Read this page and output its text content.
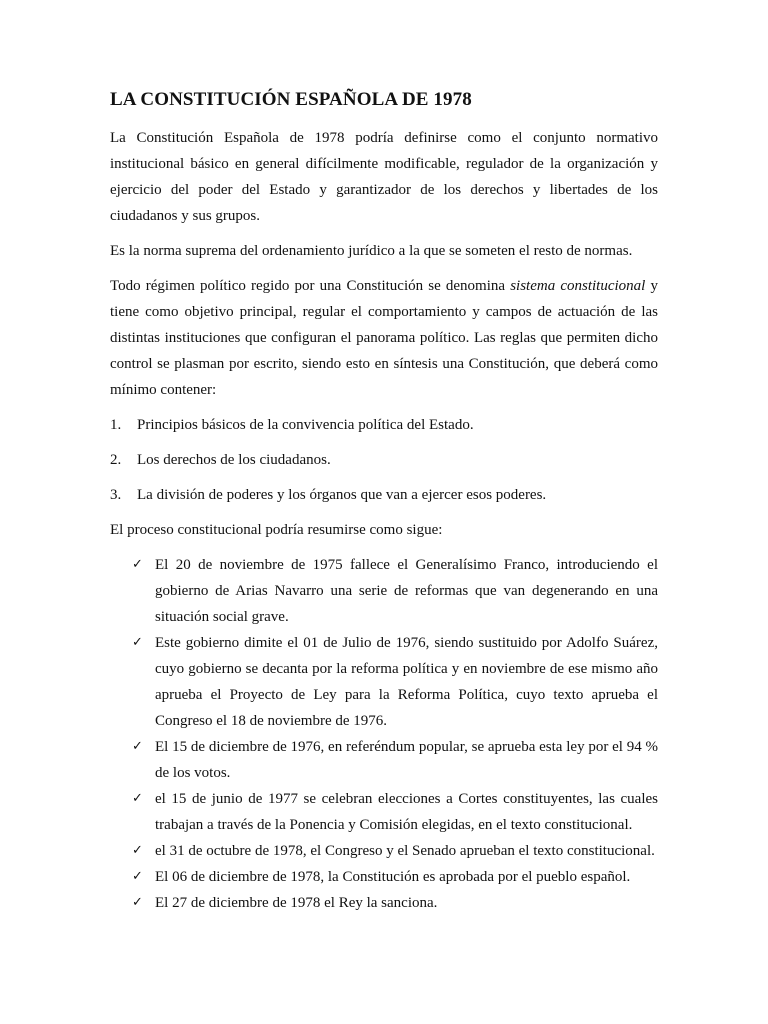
LA CONSTITUCIÓN ESPAÑOLA DE 1978

La Constitución Española de 1978 podría definirse como el conjunto normativo institucional básico en general difícilmente modificable, regulador de la organización y ejercicio del poder del Estado y garantizador de los derechos y libertades de los ciudadanos y sus grupos.

Es la norma suprema del ordenamiento jurídico a la que se someten el resto de normas.

Todo régimen político regido por una Constitución se denomina sistema constitucional y tiene como objetivo principal, regular el comportamiento y campos de actuación de las distintas instituciones que configuran el panorama político. Las reglas que permiten dicho control se plasman por escrito, siendo esto en síntesis una Constitución, que deberá como mínimo contener:

1.	Principios básicos de la convivencia política del Estado.
2.	Los derechos de los ciudadanos.
3.	La división de poderes y los órganos que van a ejercer esos poderes.

El proceso constitucional podría resumirse como sigue:

✓ El 20 de noviembre de 1975 fallece el Generalísimo Franco, introduciendo el gobierno de Arias Navarro una serie de reformas que van degenerando en una situación social grave.
✓ Este gobierno dimite el 01 de Julio de 1976, siendo sustituido por Adolfo Suárez, cuyo gobierno se decanta por la reforma política y en noviembre de ese mismo año aprueba el Proyecto de Ley para la Reforma Política, cuyo texto aprueba el Congreso el 18 de noviembre de 1976.
✓ El 15 de diciembre de 1976, en referéndum popular, se aprueba esta ley por el 94 % de los votos.
✓ el 15 de junio de 1977 se celebran elecciones a Cortes constituyentes, las cuales trabajan a través de la Ponencia y Comisión elegidas, en el texto constitucional.
✓ el 31 de octubre de 1978, el Congreso y el Senado aprueban el texto constitucional.
✓ El 06 de diciembre de 1978, la Constitución es aprobada por el pueblo español.
✓ El 27 de diciembre de 1978 el Rey la sanciona.
